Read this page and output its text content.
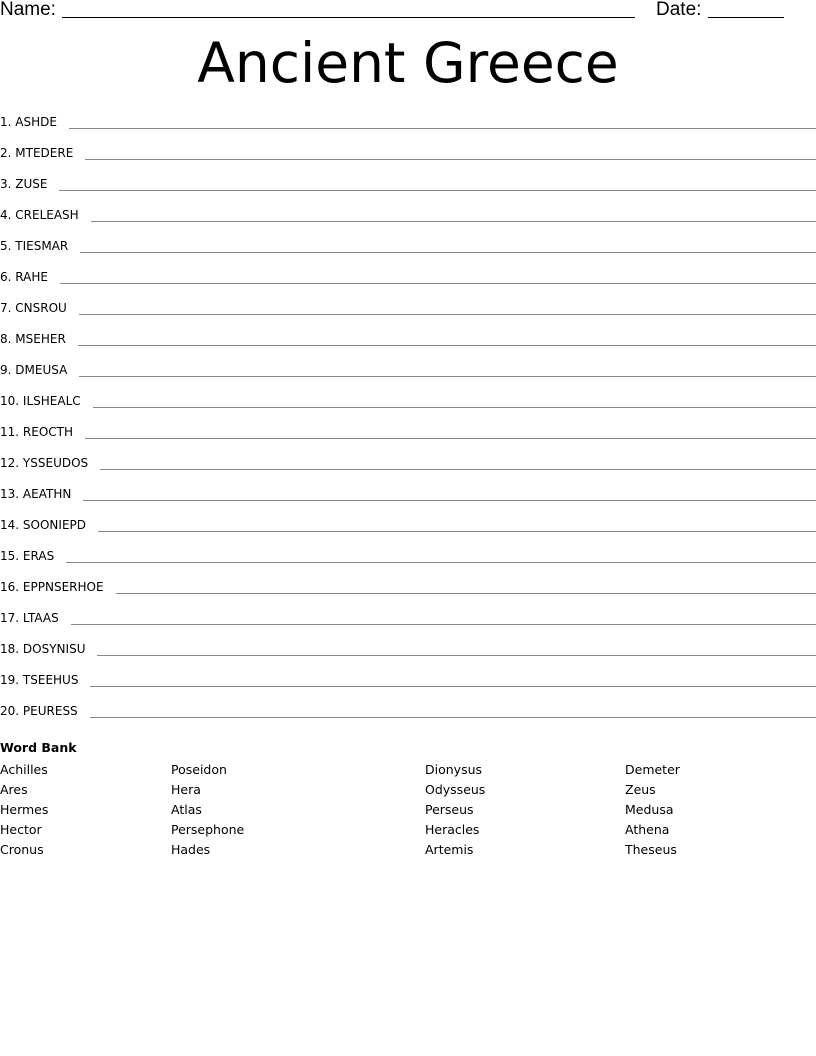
Name:	Date:
Ancient Greece
1. ASHDE
2. MTEDERE
3. ZUSE
4. CRELEASH
5. TIESMAR
6. RAHE
7. CNSROU
8. MSEHER
9. DMEUSA
10. ILSHEALC
11. REOCTH
12. YSSEUDOS
13. AEATHN
14. SOONIEPD
15. ERAS
16. EPPNSERHOE
17. LTAAS
18. DOSYNISU
19. TSEEHUS
20. PEURESS
Word Bank
Achilles
Ares
Hermes
Hector
Cronus
Poseidon
Hera
Atlas
Persephone
Hades
Dionysus
Odysseus
Perseus
Heracles
Artemis
Demeter
Zeus
Medusa
Athena
Theseus
